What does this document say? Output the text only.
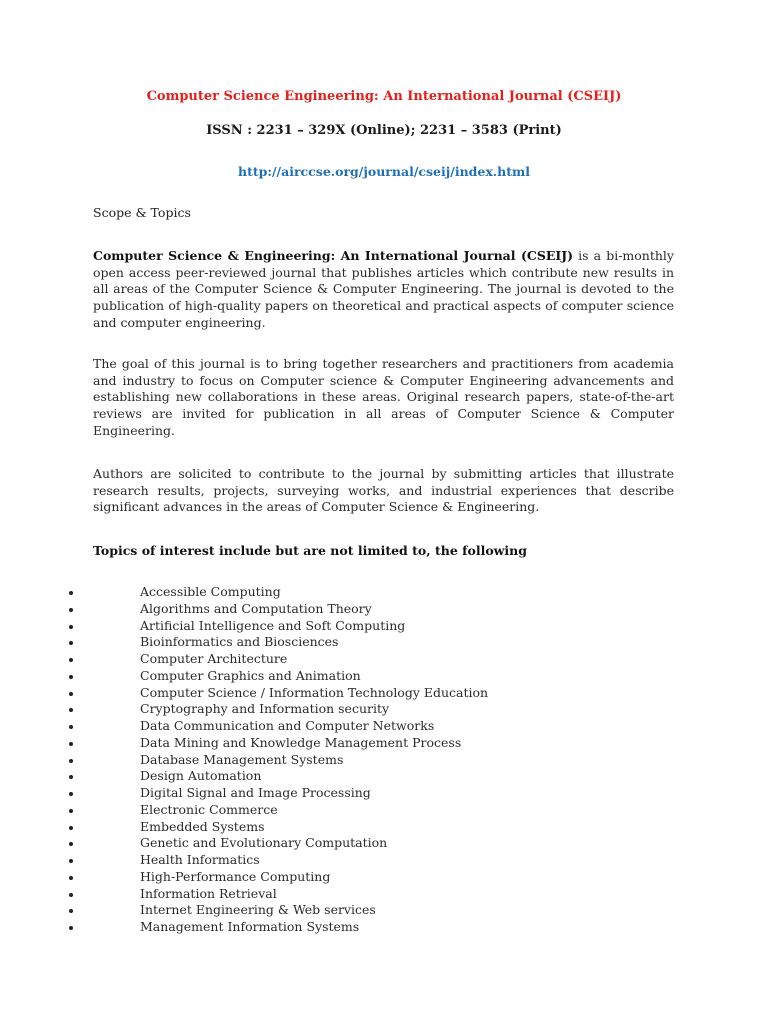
Computer Science Engineering: An International Journal (CSEIJ)
ISSN : 2231 – 329X (Online); 2231 – 3583 (Print)
http://airccse.org/journal/cseij/index.html
Scope & Topics
Computer Science & Engineering: An International Journal (CSEIJ) is a bi-monthly open access peer-reviewed journal that publishes articles which contribute new results in all areas of the Computer Science & Computer Engineering. The journal is devoted to the publication of high-quality papers on theoretical and practical aspects of computer science and computer engineering.
The goal of this journal is to bring together researchers and practitioners from academia and industry to focus on Computer science & Computer Engineering advancements and establishing new collaborations in these areas. Original research papers, state-of-the-art reviews are invited for publication in all areas of Computer Science & Computer Engineering.
Authors are solicited to contribute to the journal by submitting articles that illustrate research results, projects, surveying works, and industrial experiences that describe significant advances in the areas of Computer Science & Engineering.
Topics of interest include but are not limited to, the following
Accessible Computing
Algorithms and Computation Theory
Artificial Intelligence and Soft Computing
Bioinformatics and Biosciences
Computer Architecture
Computer Graphics and Animation
Computer Science / Information Technology Education
Cryptography and Information security
Data Communication and Computer Networks
Data Mining and Knowledge Management Process
Database Management Systems
Design Automation
Digital Signal and Image Processing
Electronic Commerce
Embedded Systems
Genetic and Evolutionary Computation
Health Informatics
High-Performance Computing
Information Retrieval
Internet Engineering & Web services
Management Information Systems
